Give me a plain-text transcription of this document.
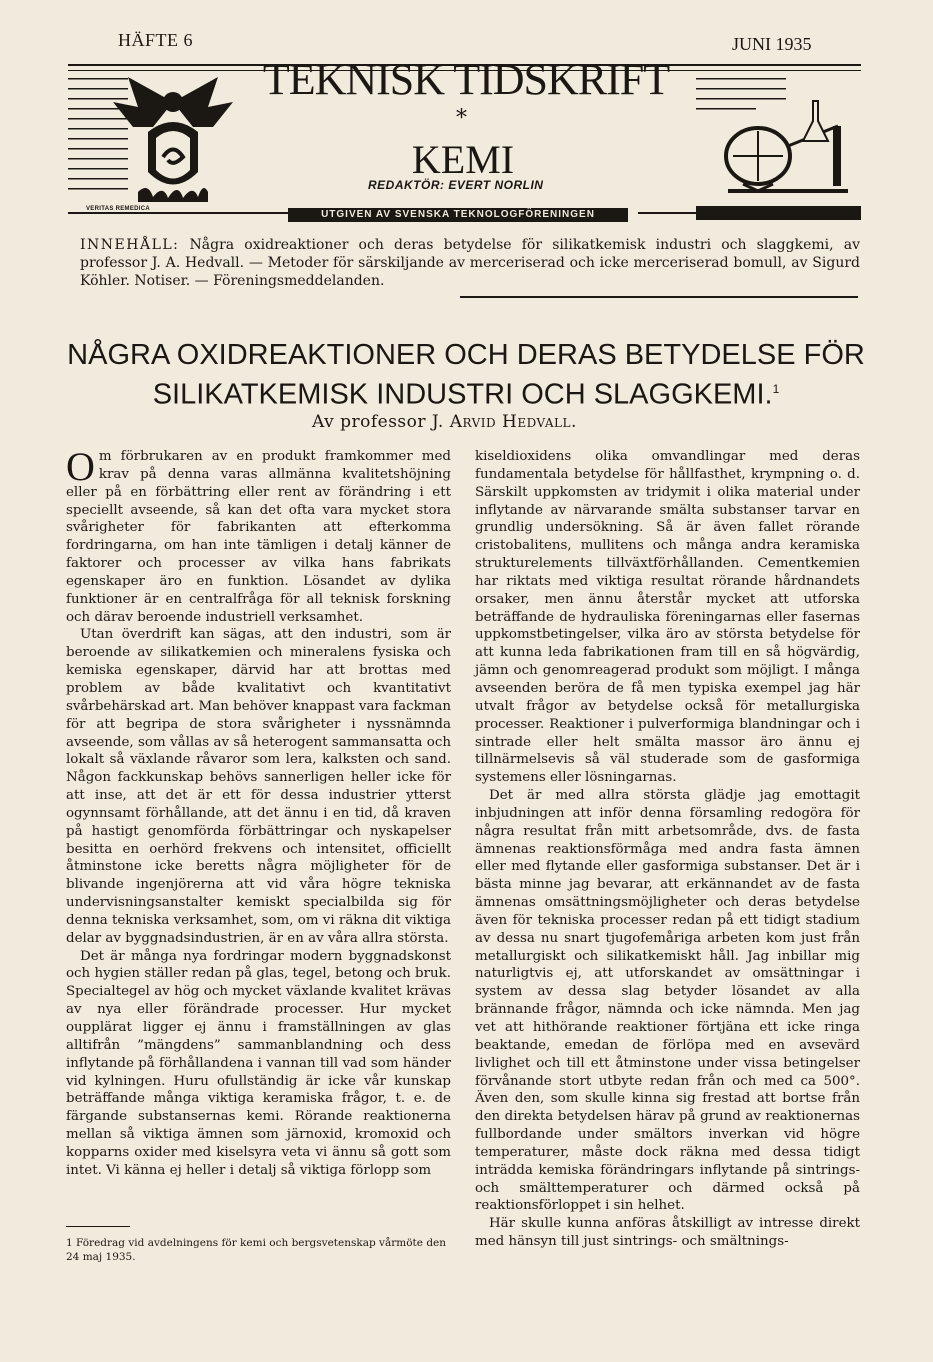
HÄFTE 6	JUNI 1935
VERITAS REMEDICA
TEKNISK TIDSKRIFT
*
KEMI
REDAKTÖR: EVERT NORLIN
UTGIVEN AV SVENSKA TEKNOLOGFÖRENINGEN
INNEHÅLL: Några oxidreaktioner och deras betydelse för silikatkemisk industri och slaggkemi, av professor J. A. Hedvall. — Metoder för särskiljande av merceriserad och icke merceriserad bomull, av Sigurd Köhler. Notiser. — Föreningsmeddelanden.
NÅGRA OXIDREAKTIONER OCH DERAS BETYDELSE FÖR SILIKATKEMISK INDUSTRI OCH SLAGGKEMI.$^1$
Av professor J. Arvid Hedvall.

Om förbrukaren av en produkt framkommer med krav på denna varas allmänna kvalitetshöjning eller på en förbättring eller rent av förändring i ett speciellt avseende, så kan det ofta vara mycket stora svårigheter för fabrikanten att efterkomma fordringarna, om han inte tämligen i detalj känner de faktorer och processer av vilka hans fabrikats egenskaper äro en funktion. Lösandet av dylika funktioner är en centralfråga för all teknisk forskning och därav beroende industriell verksamhet.

Utan överdrift kan sägas, att den industri, som är beroende av silikatkemien och mineralens fysiska och kemiska egenskaper, därvid har att brottas med problem av både kvalitativt och kvantitativt svårbehärskad art. Man behöver knappast vara fackman för att begripa de stora svårigheter i nyssnämnda avseende, som vållas av så heterogent sammansatta och lokalt så växlande råvaror som lera, kalksten och sand. Någon fackkunskap behövs sannerligen heller icke för att inse, att det är ett för dessa industrier ytterst ogynnsamt förhållande, att det ännu i en tid, då kraven på hastigt genomförda förbättringar och nyskapelser besitta en oerhörd frekvens och intensitet, officiellt åtminstone icke beretts några möjligheter för de blivande ingenjörerna att vid våra högre tekniska undervisningsanstalter kemiskt specialbilda sig för denna tekniska verksamhet, som, om vi räkna dit viktiga delar av byggnadsindustrien, är en av våra allra största.

Det är många nya fordringar modern byggnadskonst och hygien ställer redan på glas, tegel, betong och bruk. Specialtegel av hög och mycket växlande kvalitet krävas av nya eller förändrade processer. Hur mycket oupplärat ligger ej ännu i framställningen av glas alltifrån ”mängdens” sammanblandning och dess inflytande på förhållandena i vannan till vad som händer vid kylningen. Huru ofullständig är icke vår kunskap beträffande många viktiga keramiska frågor, t. e. de färgande substansernas kemi. Rörande reaktionerna mellan så viktiga ämnen som järnoxid, kromoxid och kopparns oxider med kiselsyra veta vi ännu så gott som intet. Vi känna ej heller i detalj så viktiga förlopp som

kiseldioxidens olika omvandlingar med deras fundamentala betydelse för hållfasthet, krympning o. d. Särskilt uppkomsten av tridymit i olika material under inflytande av närvarande smälta substanser tarvar en grundlig undersökning. Så är även fallet rörande cristobalitens, mullitens och många andra keramiska strukturelements tillväxtförhållanden. Cementkemien har riktats med viktiga resultat rörande hårdnandets orsaker, men ännu återstår mycket att utforska beträffande de hydrauliska föreningarnas eller fasernas uppkomstbetingelser, vilka äro av största betydelse för att kunna leda fabrikationen fram till en så högvärdig, jämn och genomreagerad produkt som möjligt. I många avseenden beröra de få men typiska exempel jag här utvalt frågor av betydelse också för metallurgiska processer. Reaktioner i pulverformiga blandningar och i sintrade eller helt smälta massor äro ännu ej tillnärmelsevis så väl studerade som de gasformiga systemens eller lösningarnas.

Det är med allra största glädje jag emottagit inbjudningen att inför denna församling redogöra för några resultat från mitt arbetsområde, dvs. de fasta ämnenas reaktionsförmåga med andra fasta ämnen eller med flytande eller gasformiga substanser. Det är i bästa minne jag bevarar, att erkännandet av de fasta ämnenas omsättningsmöjligheter och deras betydelse även för tekniska processer redan på ett tidigt stadium av dessa nu snart tjugofemåriga arbeten kom just från metallurgiskt och silikatkemiskt håll. Jag inbillar mig naturligtvis ej, att utforskandet av omsättningar i system av dessa slag betyder lösandet av alla brännande frågor, nämnda och icke nämnda. Men jag vet att hithörande reaktioner förtjäna ett icke ringa beaktande, emedan de förlöpa med en avsevärd livlighet och till ett åtminstone under vissa betingelser förvånande stort utbyte redan från och med ca 500°. Även den, som skulle kinna sig frestad att bortse från den direkta betydelsen härav på grund av reaktionernas fullbordande under smältors inverkan vid högre temperaturer, måste dock räkna med dessa tidigt inträdda kemiska förändringars inflytande på sintrings- och smälttemperaturer och därmed också på reaktionsförloppet i sin helhet.

Här skulle kunna anföras åtskilligt av intresse direkt med hänsyn till just sintrings- och smältnings-

1 Föredrag vid avdelningens för kemi och bergsvetenskap vårmöte den 24 maj 1935.
